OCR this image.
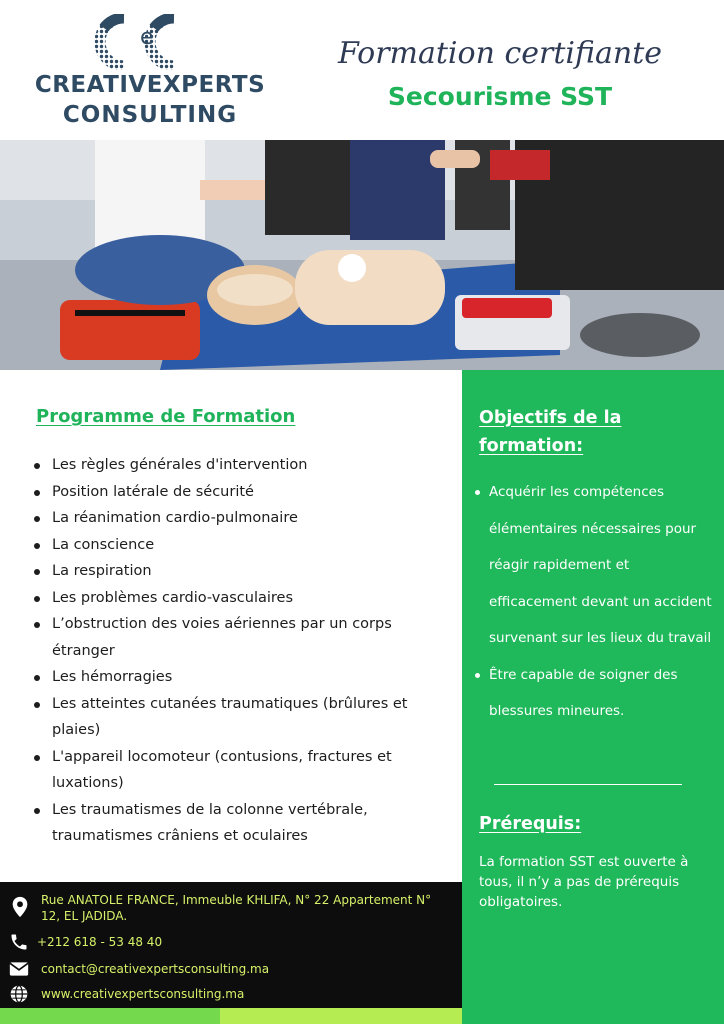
e
CREATIVEXPERTS
CONSULTING
Formation certifiante
Secourisme SST
Programme de Formation
Les règles générales d'intervention
Position latérale de sécurité
La réanimation cardio-pulmonaire
La conscience
La respiration
Les problèmes cardio-vasculaires
L’obstruction des voies aériennes par un corps étranger
Les hémorragies
Les atteintes cutanées traumatiques (brûlures et plaies)
L'appareil locomoteur (contusions, fractures et luxations)
Les traumatismes de la colonne vertébrale, traumatismes crâniens et oculaires
Objectifs de la formation:
Acquérir les compétences élémentaires nécessaires pour réagir rapidement et efficacement devant un accident survenant sur les lieux du travail
Être capable de soigner des blessures mineures.
Prérequis:
La formation SST est ouverte à tous, il n’y a pas de prérequis obligatoires.
Rue ANATOLE FRANCE, Immeuble KHLIFA, N° 22 Appartement N° 12, EL JADIDA.
+212 618 - 53 48 40
contact@creativexpertsconsulting.ma
www.creativexpertsconsulting.ma
